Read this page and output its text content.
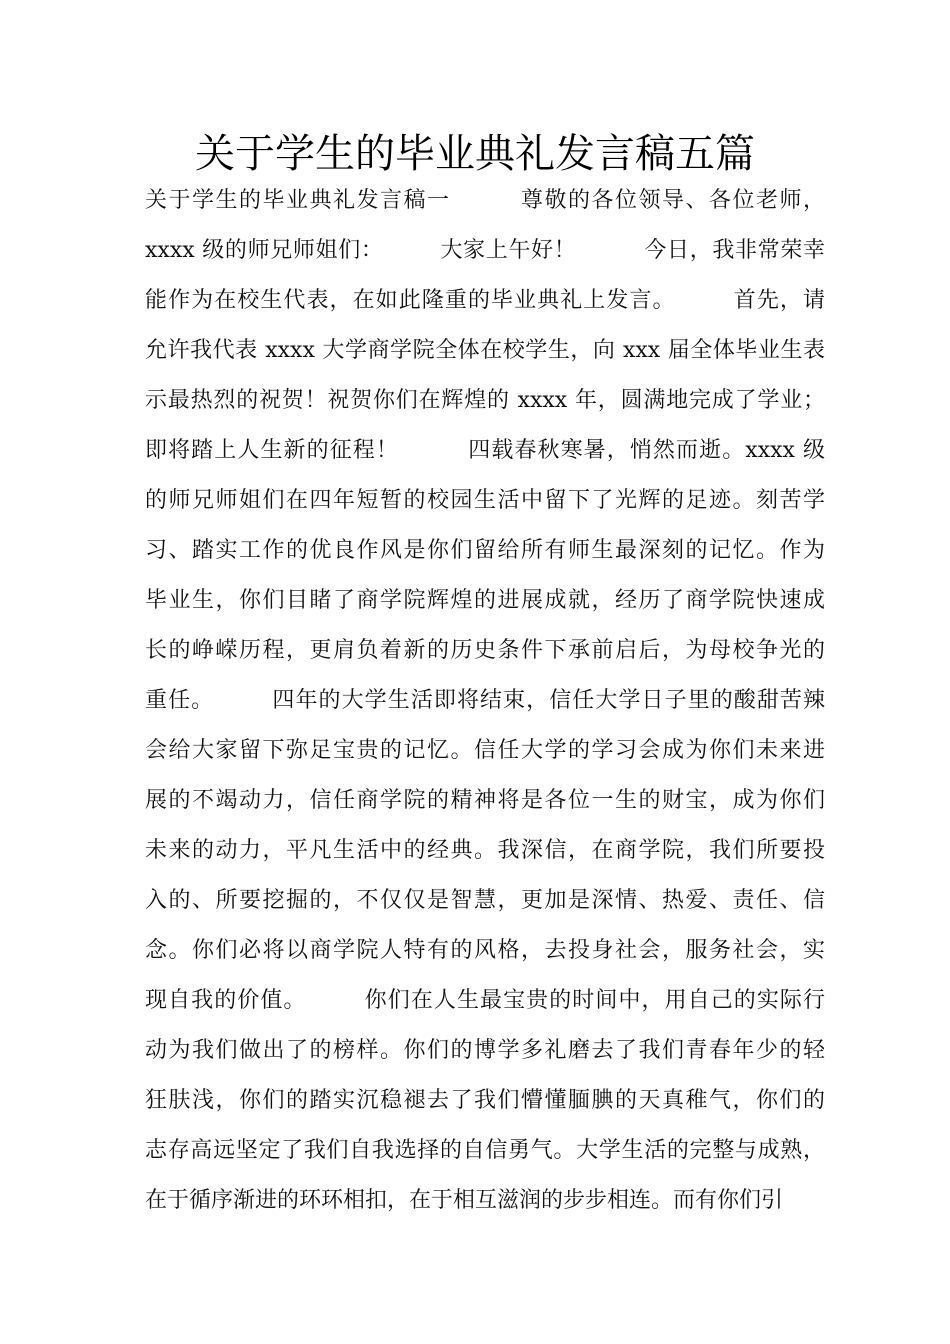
关于学生的毕业典礼发言稿五篇
关于学生的毕业典礼发言稿一　　　尊敬的各位领导、各位老师，
xxxx 级的师兄师姐们：　　　大家上午好！　　　今日，我非常荣幸
能作为在校生代表，在如此隆重的毕业典礼上发言。　　　首先，请
允许我代表 xxxx 大学商学院全体在校学生，向 xxx 届全体毕业生表
示最热烈的祝贺！祝贺你们在辉煌的 xxxx 年，圆满地完成了学业；
即将踏上人生新的征程！　　　四载春秋寒暑，悄然而逝。xxxx 级
的师兄师姐们在四年短暂的校园生活中留下了光辉的足迹。刻苦学
习、踏实工作的优良作风是你们留给所有师生最深刻的记忆。作为
毕业生，你们目睹了商学院辉煌的进展成就，经历了商学院快速成
长的峥嵘历程，更肩负着新的历史条件下承前启后，为母校争光的
重任。　　　四年的大学生活即将结束，信任大学日子里的酸甜苦辣
会给大家留下弥足宝贵的记忆。信任大学的学习会成为你们未来进
展的不竭动力，信任商学院的精神将是各位一生的财宝，成为你们
未来的动力，平凡生活中的经典。我深信，在商学院，我们所要投
入的、所要挖掘的，不仅仅是智慧，更加是深情、热爱、责任、信
念。你们必将以商学院人特有的风格，去投身社会，服务社会，实
现自我的价值。　　　你们在人生最宝贵的时间中，用自己的实际行
动为我们做出了的榜样。你们的博学多礼磨去了我们青春年少的轻
狂肤浅，你们的踏实沉稳褪去了我们懵懂腼腆的天真稚气，你们的
志存高远坚定了我们自我选择的自信勇气。大学生活的完整与成熟，
在于循序渐进的环环相扣，在于相互滋润的步步相连。而有你们引
